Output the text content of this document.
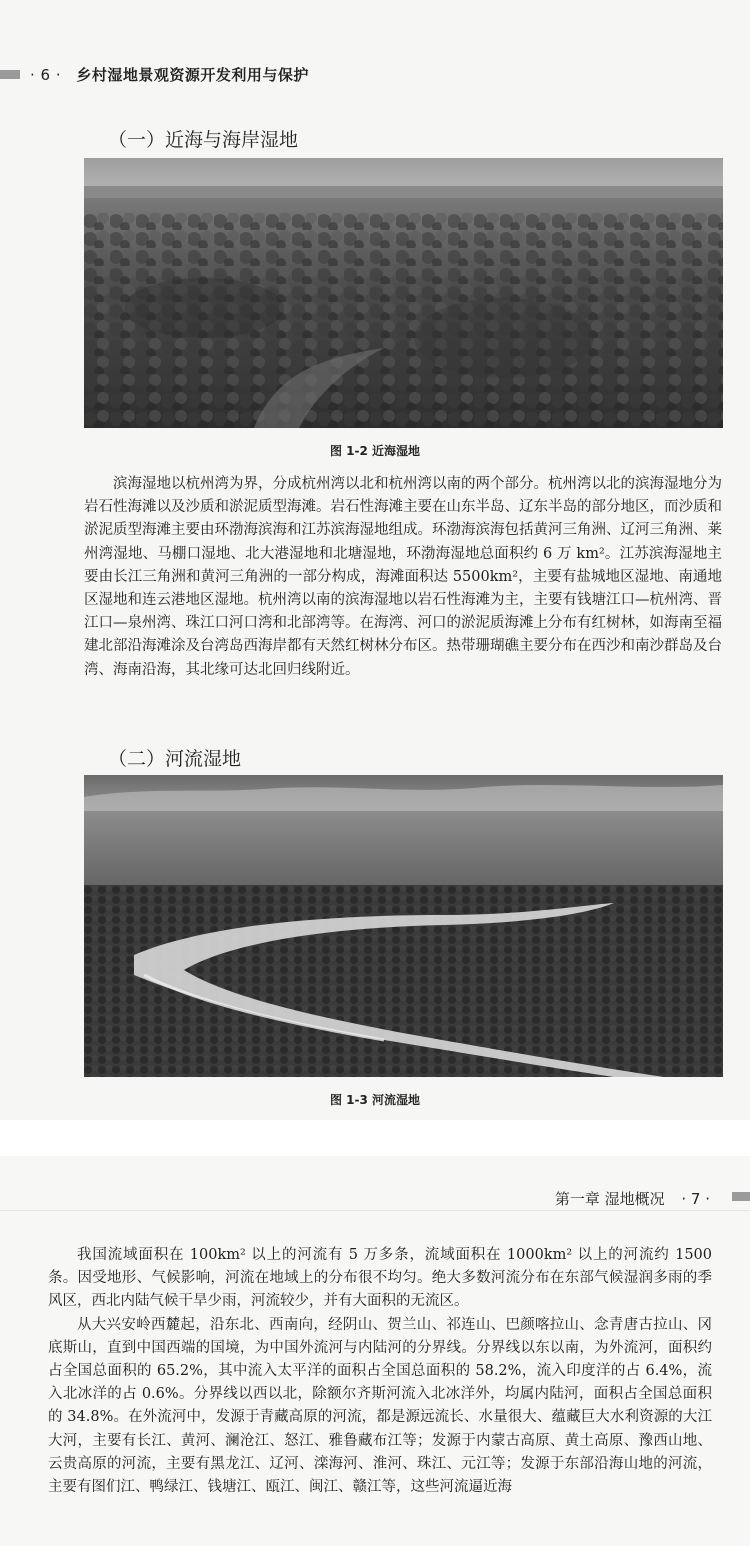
· 6 · 乡村湿地景观资源开发利用与保护
（一）近海与海岸湿地
图 1-2 近海湿地

滨海湿地以杭州湾为界，分成杭州湾以北和杭州湾以南的两个部分。杭州湾以北的滨海湿地分为岩石性海滩以及沙质和淤泥质型海滩。岩石性海滩主要在山东半岛、辽东半岛的部分地区，而沙质和淤泥质型海滩主要由环渤海滨海和江苏滨海湿地组成。环渤海滨海包括黄河三角洲、辽河三角洲、莱州湾湿地、马棚口湿地、北大港湿地和北塘湿地，环渤海湿地总面积约 6 万 km²。江苏滨海湿地主要由长江三角洲和黄河三角洲的一部分构成，海滩面积达 5500km²，主要有盐城地区湿地、南通地区湿地和连云港地区湿地。杭州湾以南的滨海湿地以岩石性海滩为主，主要有钱塘江口—杭州湾、晋江口—泉州湾、珠江口河口湾和北部湾等。在海湾、河口的淤泥质海滩上分布有红树林，如海南至福建北部沿海滩涂及台湾岛西海岸都有天然红树林分布区。热带珊瑚礁主要分布在西沙和南沙群岛及台湾、海南沿海，其北缘可达北回归线附近。

（二）河流湿地
图 1-3 河流湿地
第一章 湿地概况 · 7 ·

我国流域面积在 100km² 以上的河流有 5 万多条，流域面积在 1000km² 以上的河流约 1500 条。因受地形、气候影响，河流在地域上的分布很不均匀。绝大多数河流分布在东部气候湿润多雨的季风区，西北内陆气候干旱少雨，河流较少，并有大面积的无流区。

从大兴安岭西麓起，沿东北、西南向，经阴山、贺兰山、祁连山、巴颜喀拉山、念青唐古拉山、冈底斯山，直到中国西端的国境，为中国外流河与内陆河的分界线。分界线以东以南，为外流河，面积约占全国总面积的 65.2%，其中流入太平洋的面积占全国总面积的 58.2%，流入印度洋的占 6.4%，流入北冰洋的占 0.6%。分界线以西以北，除额尔齐斯河流入北冰洋外，均属内陆河，面积占全国总面积的 34.8%。在外流河中，发源于青藏高原的河流，都是源远流长、水量很大、蕴藏巨大水利资源的大江大河，主要有长江、黄河、澜沧江、怒江、雅鲁藏布江等；发源于内蒙古高原、黄土高原、豫西山地、云贵高原的河流，主要有黑龙江、辽河、滦海河、淮河、珠江、元江等；发源于东部沿海山地的河流，主要有图们江、鸭绿江、钱塘江、瓯江、闽江、赣江等，这些河流逼近海
